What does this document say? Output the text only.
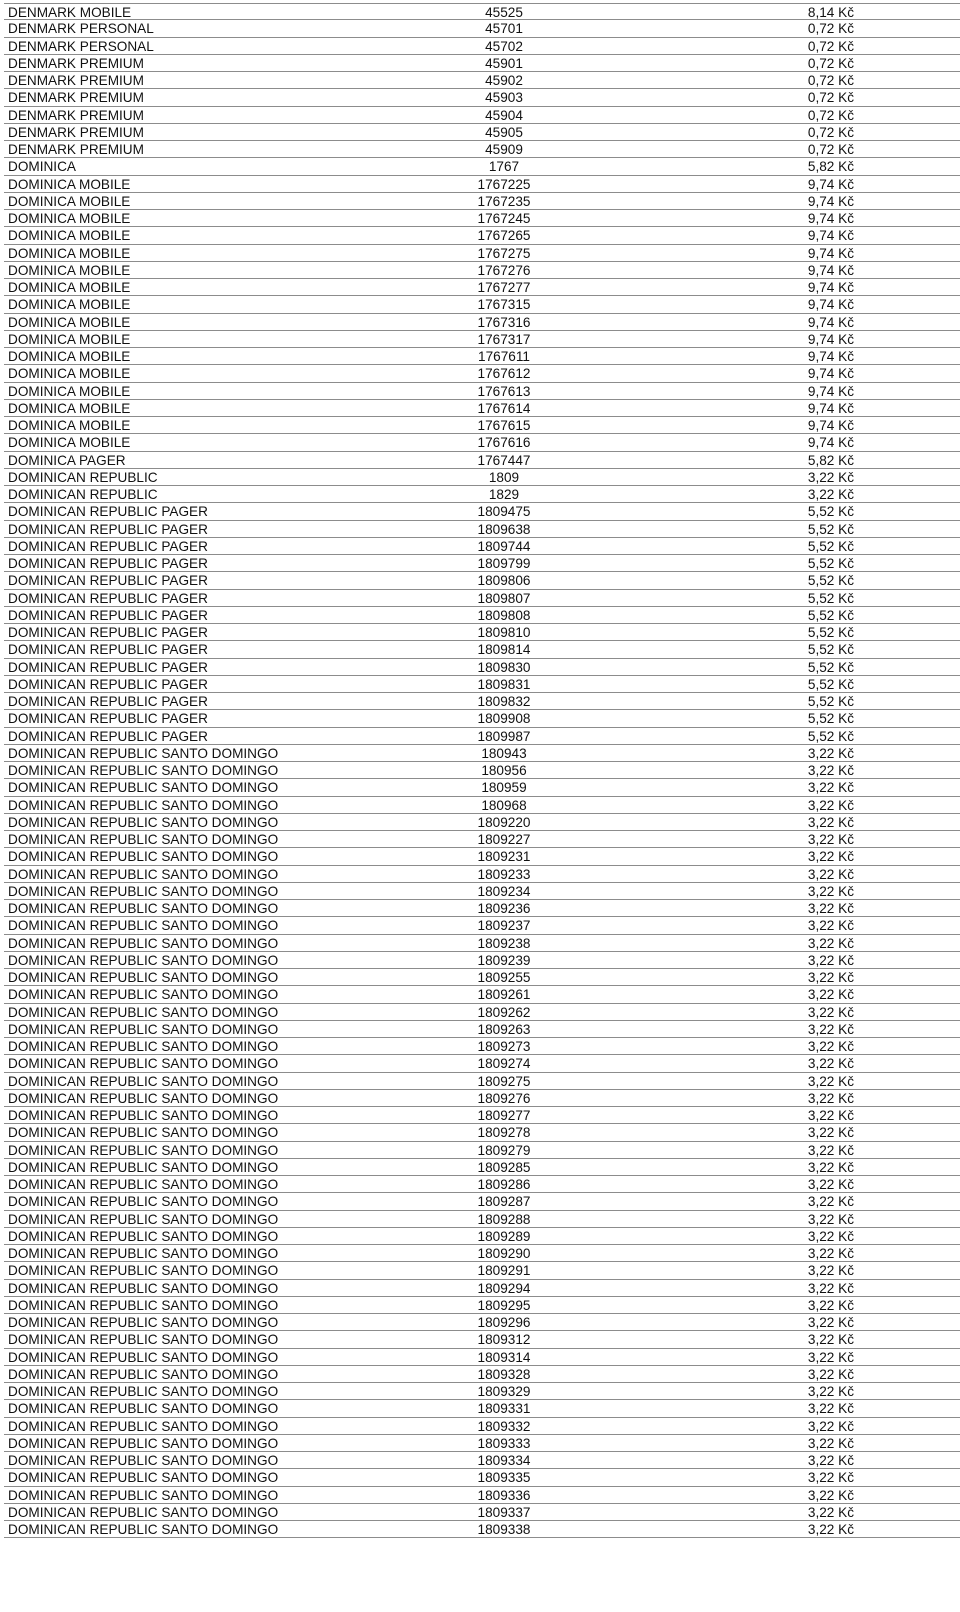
DENMARK MOBILE	45525	8,14 Kč
DENMARK PERSONAL	45701	0,72 Kč
DENMARK PERSONAL	45702	0,72 Kč
DENMARK PREMIUM	45901	0,72 Kč
DENMARK PREMIUM	45902	0,72 Kč
DENMARK PREMIUM	45903	0,72 Kč
DENMARK PREMIUM	45904	0,72 Kč
DENMARK PREMIUM	45905	0,72 Kč
DENMARK PREMIUM	45909	0,72 Kč
DOMINICA	1767	5,82 Kč
DOMINICA MOBILE	1767225	9,74 Kč
DOMINICA MOBILE	1767235	9,74 Kč
DOMINICA MOBILE	1767245	9,74 Kč
DOMINICA MOBILE	1767265	9,74 Kč
DOMINICA MOBILE	1767275	9,74 Kč
DOMINICA MOBILE	1767276	9,74 Kč
DOMINICA MOBILE	1767277	9,74 Kč
DOMINICA MOBILE	1767315	9,74 Kč
DOMINICA MOBILE	1767316	9,74 Kč
DOMINICA MOBILE	1767317	9,74 Kč
DOMINICA MOBILE	1767611	9,74 Kč
DOMINICA MOBILE	1767612	9,74 Kč
DOMINICA MOBILE	1767613	9,74 Kč
DOMINICA MOBILE	1767614	9,74 Kč
DOMINICA MOBILE	1767615	9,74 Kč
DOMINICA MOBILE	1767616	9,74 Kč
DOMINICA PAGER	1767447	5,82 Kč
DOMINICAN REPUBLIC	1809	3,22 Kč
DOMINICAN REPUBLIC	1829	3,22 Kč
DOMINICAN REPUBLIC PAGER	1809475	5,52 Kč
DOMINICAN REPUBLIC PAGER	1809638	5,52 Kč
DOMINICAN REPUBLIC PAGER	1809744	5,52 Kč
DOMINICAN REPUBLIC PAGER	1809799	5,52 Kč
DOMINICAN REPUBLIC PAGER	1809806	5,52 Kč
DOMINICAN REPUBLIC PAGER	1809807	5,52 Kč
DOMINICAN REPUBLIC PAGER	1809808	5,52 Kč
DOMINICAN REPUBLIC PAGER	1809810	5,52 Kč
DOMINICAN REPUBLIC PAGER	1809814	5,52 Kč
DOMINICAN REPUBLIC PAGER	1809830	5,52 Kč
DOMINICAN REPUBLIC PAGER	1809831	5,52 Kč
DOMINICAN REPUBLIC PAGER	1809832	5,52 Kč
DOMINICAN REPUBLIC PAGER	1809908	5,52 Kč
DOMINICAN REPUBLIC PAGER	1809987	5,52 Kč
DOMINICAN REPUBLIC SANTO DOMINGO	180943	3,22 Kč
DOMINICAN REPUBLIC SANTO DOMINGO	180956	3,22 Kč
DOMINICAN REPUBLIC SANTO DOMINGO	180959	3,22 Kč
DOMINICAN REPUBLIC SANTO DOMINGO	180968	3,22 Kč
DOMINICAN REPUBLIC SANTO DOMINGO	1809220	3,22 Kč
DOMINICAN REPUBLIC SANTO DOMINGO	1809227	3,22 Kč
DOMINICAN REPUBLIC SANTO DOMINGO	1809231	3,22 Kč
DOMINICAN REPUBLIC SANTO DOMINGO	1809233	3,22 Kč
DOMINICAN REPUBLIC SANTO DOMINGO	1809234	3,22 Kč
DOMINICAN REPUBLIC SANTO DOMINGO	1809236	3,22 Kč
DOMINICAN REPUBLIC SANTO DOMINGO	1809237	3,22 Kč
DOMINICAN REPUBLIC SANTO DOMINGO	1809238	3,22 Kč
DOMINICAN REPUBLIC SANTO DOMINGO	1809239	3,22 Kč
DOMINICAN REPUBLIC SANTO DOMINGO	1809255	3,22 Kč
DOMINICAN REPUBLIC SANTO DOMINGO	1809261	3,22 Kč
DOMINICAN REPUBLIC SANTO DOMINGO	1809262	3,22 Kč
DOMINICAN REPUBLIC SANTO DOMINGO	1809263	3,22 Kč
DOMINICAN REPUBLIC SANTO DOMINGO	1809273	3,22 Kč
DOMINICAN REPUBLIC SANTO DOMINGO	1809274	3,22 Kč
DOMINICAN REPUBLIC SANTO DOMINGO	1809275	3,22 Kč
DOMINICAN REPUBLIC SANTO DOMINGO	1809276	3,22 Kč
DOMINICAN REPUBLIC SANTO DOMINGO	1809277	3,22 Kč
DOMINICAN REPUBLIC SANTO DOMINGO	1809278	3,22 Kč
DOMINICAN REPUBLIC SANTO DOMINGO	1809279	3,22 Kč
DOMINICAN REPUBLIC SANTO DOMINGO	1809285	3,22 Kč
DOMINICAN REPUBLIC SANTO DOMINGO	1809286	3,22 Kč
DOMINICAN REPUBLIC SANTO DOMINGO	1809287	3,22 Kč
DOMINICAN REPUBLIC SANTO DOMINGO	1809288	3,22 Kč
DOMINICAN REPUBLIC SANTO DOMINGO	1809289	3,22 Kč
DOMINICAN REPUBLIC SANTO DOMINGO	1809290	3,22 Kč
DOMINICAN REPUBLIC SANTO DOMINGO	1809291	3,22 Kč
DOMINICAN REPUBLIC SANTO DOMINGO	1809294	3,22 Kč
DOMINICAN REPUBLIC SANTO DOMINGO	1809295	3,22 Kč
DOMINICAN REPUBLIC SANTO DOMINGO	1809296	3,22 Kč
DOMINICAN REPUBLIC SANTO DOMINGO	1809312	3,22 Kč
DOMINICAN REPUBLIC SANTO DOMINGO	1809314	3,22 Kč
DOMINICAN REPUBLIC SANTO DOMINGO	1809328	3,22 Kč
DOMINICAN REPUBLIC SANTO DOMINGO	1809329	3,22 Kč
DOMINICAN REPUBLIC SANTO DOMINGO	1809331	3,22 Kč
DOMINICAN REPUBLIC SANTO DOMINGO	1809332	3,22 Kč
DOMINICAN REPUBLIC SANTO DOMINGO	1809333	3,22 Kč
DOMINICAN REPUBLIC SANTO DOMINGO	1809334	3,22 Kč
DOMINICAN REPUBLIC SANTO DOMINGO	1809335	3,22 Kč
DOMINICAN REPUBLIC SANTO DOMINGO	1809336	3,22 Kč
DOMINICAN REPUBLIC SANTO DOMINGO	1809337	3,22 Kč
DOMINICAN REPUBLIC SANTO DOMINGO	1809338	3,22 Kč
